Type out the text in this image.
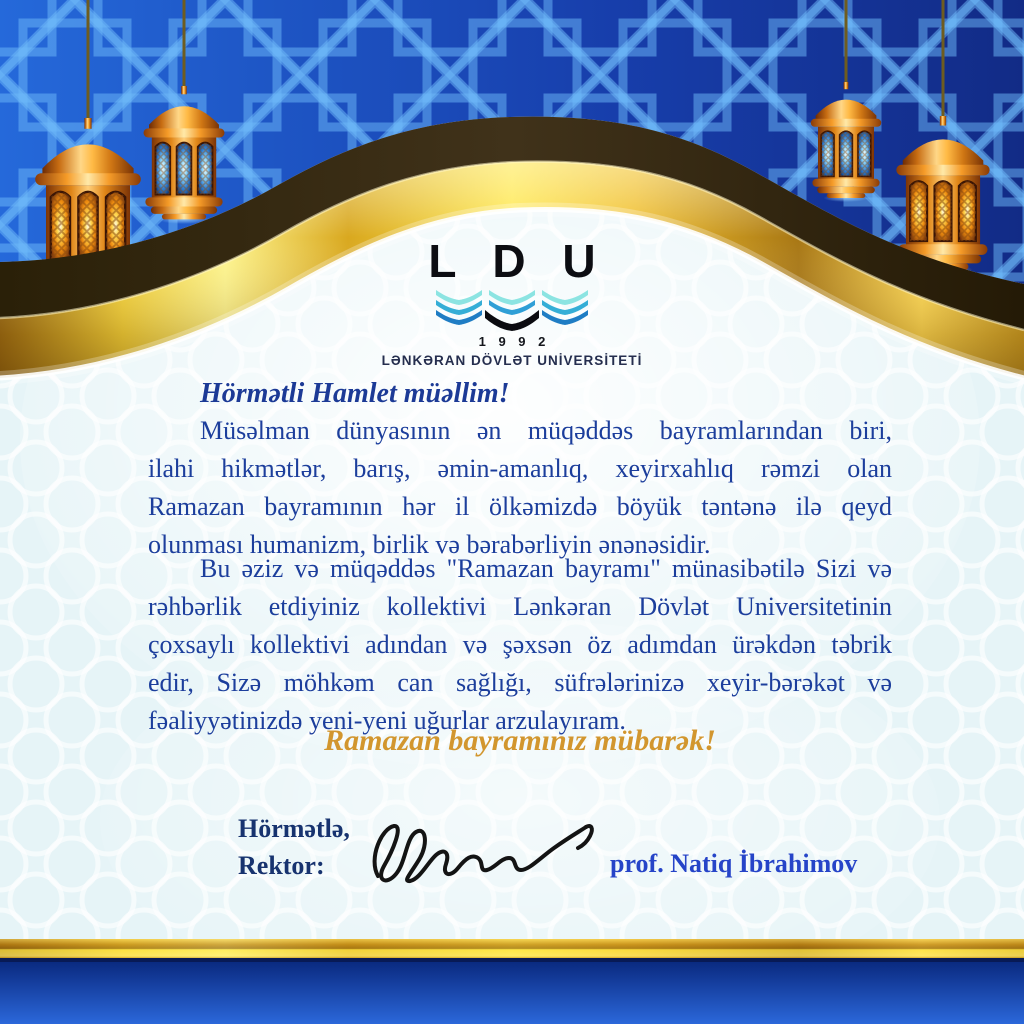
L D U
1 9 9 2
LƏNKƏRAN DÖVLƏT UNİVERSİTETİ
Hörmətli Hamlet müəllim!
Müsəlman dünyasının ən müqəddəs bayramlarından biri,
ilahi hikmətlər, barış, əmin-amanlıq, xeyirxahlıq rəmzi olan
Ramazan bayramının hər il ölkəmizdə böyük təntənə ilə qeyd
olunması humanizm, birlik və bərabərliyin ənənəsidir.
Bu əziz və müqəddəs "Ramazan bayramı" münasibətilə Sizi və
rəhbərlik etdiyiniz kollektivi Lənkəran Dövlət Universitetinin
çoxsaylı kollektivi adından və şəxsən öz adımdan ürəkdən təbrik
edir, Sizə möhkəm can sağlığı, süfrələrinizə xeyir-bərəkət və
fəaliyyətinizdə yeni-yeni uğurlar arzulayıram.
Ramazan bayramınız mübarək!
Hörmətlə,
Rektor:	prof. Natiq İbrahimov
